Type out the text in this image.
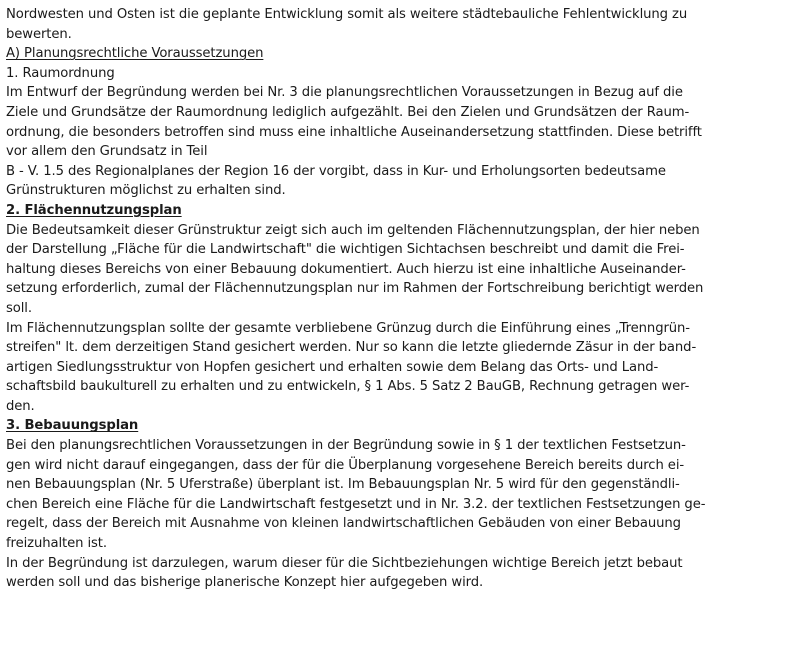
Nordwesten und Osten ist die geplante Entwicklung somit als weitere städtebauliche Fehlentwicklung zu
bewerten.
A) Planungsrechtliche Voraussetzungen
1. Raumordnung
Im Entwurf der Begründung werden bei Nr. 3 die planungsrechtlichen Voraussetzungen in Bezug auf die
Ziele und Grundsätze der Raumordnung lediglich aufgezählt. Bei den Zielen und Grundsätzen der Raum-
ordnung, die besonders betroffen sind muss eine inhaltliche Auseinandersetzung stattfinden. Diese betrifft
vor allem den Grundsatz in Teil
B - V. 1.5 des Regionalplanes der Region 16 der vorgibt, dass in Kur- und Erholungsorten bedeutsame
Grünstrukturen möglichst zu erhalten sind.
2. Flächennutzungsplan
Die Bedeutsamkeit dieser Grünstruktur zeigt sich auch im geltenden Flächennutzungsplan, der hier neben
der Darstellung „Fläche für die Landwirtschaft" die wichtigen Sichtachsen beschreibt und damit die Frei-
haltung dieses Bereichs von einer Bebauung dokumentiert. Auch hierzu ist eine inhaltliche Auseinander-
setzung erforderlich, zumal der Flächennutzungsplan nur im Rahmen der Fortschreibung berichtigt werden
soll.
Im Flächennutzungsplan sollte der gesamte verbliebene Grünzug durch die Einführung eines „Trenngrün-
streifen" lt. dem derzeitigen Stand gesichert werden. Nur so kann die letzte gliedernde Zäsur in der band-
artigen Siedlungsstruktur von Hopfen gesichert und erhalten sowie dem Belang das Orts- und Land-
schaftsbild baukulturell zu erhalten und zu entwickeln, § 1 Abs. 5 Satz 2 BauGB, Rechnung getragen wer-
den.
3. Bebauungsplan
Bei den planungsrechtlichen Voraussetzungen in der Begründung sowie in § 1 der textlichen Festsetzun-
gen wird nicht darauf eingegangen, dass der für die Überplanung vorgesehene Bereich bereits durch ei-
nen Bebauungsplan (Nr. 5 Uferstraße) überplant ist. Im Bebauungsplan Nr. 5 wird für den gegenständli-
chen Bereich eine Fläche für die Landwirtschaft festgesetzt und in Nr. 3.2. der textlichen Festsetzungen ge-
regelt, dass der Bereich mit Ausnahme von kleinen landwirtschaftlichen Gebäuden von einer Bebauung
freizuhalten ist.
In der Begründung ist darzulegen, warum dieser für die Sichtbeziehungen wichtige Bereich jetzt bebaut
werden soll und das bisherige planerische Konzept hier aufgegeben wird.
